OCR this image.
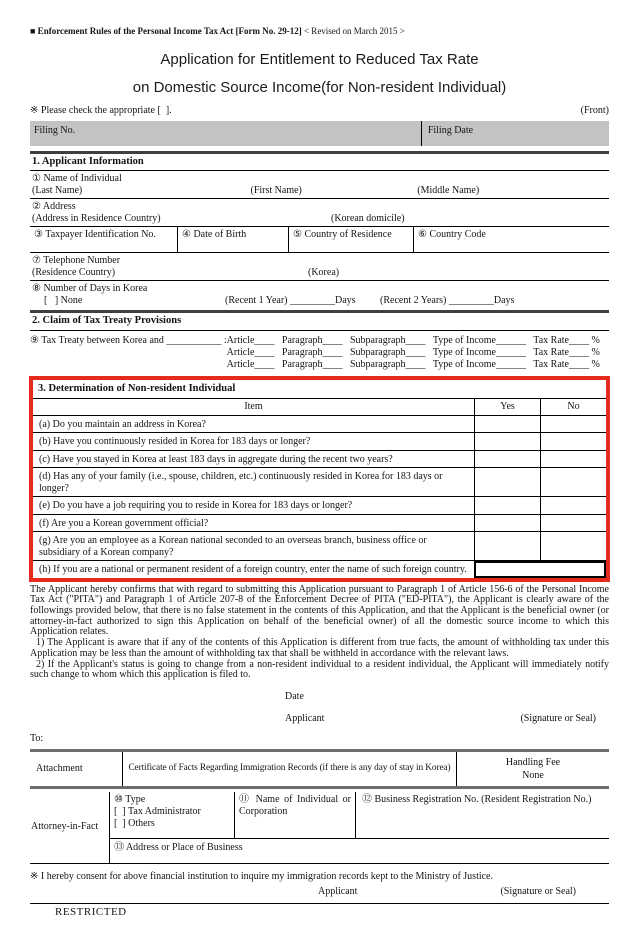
■ Enforcement Rules of the Personal Income Tax Act [Form No. 29-12] < Revised on March 2015 >
Application for Entitlement to Reduced Tax Rate
on Domestic Source Income(for Non-resident Individual)
※ Please check the appropriate [  ].	(Front)
Filing No.	Filing Date
1. Applicant Information
① Name of Individual
(Last Name)	(First Name)	(Middle Name)
② Address
(Address in Residence Country)	(Korean domicile)
③ Taxpayer Identification No.	④ Date of Birth	⑤ Country of Residence	⑥ Country Code
⑦ Telephone Number
(Residence Country)	(Korea)
⑧ Number of Days in Korea
[   ] None	(Recent 1 Year) _________Days	(Recent 2 Years) _________Days
2. Claim of Tax Treaty Provisions
⑨ Tax Treaty between Korea and ___________ : Article____   Paragraph____   Subparagraph____   Type of Income______   Tax Rate____ %
Article____   Paragraph____   Subparagraph____   Type of Income______   Tax Rate____ %
Article____   Paragraph____   Subparagraph____   Type of Income______   Tax Rate____ %
3. Determination of Non-resident Individual
Item	Yes	No
(a) Do you maintain an address in Korea?
(b) Have you continuously resided in Korea for 183 days or longer?
(c) Have you stayed in Korea at least 183 days in aggregate during the recent two years?
(d) Has any of your family (i.e., spouse, children, etc.) continuously resided in Korea for 183 days or longer?
(e) Do you have a job requiring you to reside in Korea for 183 days or longer?
(f) Are you a Korean government official?
(g) Are you an employee as a Korean national seconded to an overseas branch, business office or subsidiary of a Korean company?
(h) If you are a national or permanent resident of a foreign country, enter the name of such foreign country.

The Applicant hereby confirms that with regard to submitting this Application pursuant to Paragraph 1 of Article 156-6 of the Personal Income Tax Act ("PITA") and Paragraph 1 of Article 207-8 of the Enforcement Decree of PITA ("ED-PITA"), the Applicant is clearly aware of the followings provided below, that there is no false statement in the contents of this Application, and that the Applicant is the beneficial owner (or attorney-in-fact authorized to sign this Application on behalf of the beneficial owner) of all the domestic source income to which this Application relates.

1) The Applicant is aware that if any of the contents of this Application is different from true facts, the amount of withholding tax under this Application may be less than the amount of withholding tax that shall be withheld in accordance with the relevant laws.

2) If the Applicant's status is going to change from a non-resident individual to a resident individual, the Applicant will immediately notify such change to whom which this application is filed to.

Date
Applicant	(Signature or Seal)
To:
Attachment	Certificate of Facts Regarding Immigration Records (if there is any day of stay in Korea)
Handling Fee
None
Attorney-in-Fact
⑩ Type
[  ] Tax Administrator
[  ] Others
⑪ Name of Individual or Corporation
⑫ Business Registration No. (Resident Registration No.)
⑬ Address or Place of Business
※ I hereby consent for above financial institution to inquire my immigration records kept to the Ministry of Justice.
Applicant	(Signature or Seal)
RESTRICTED
